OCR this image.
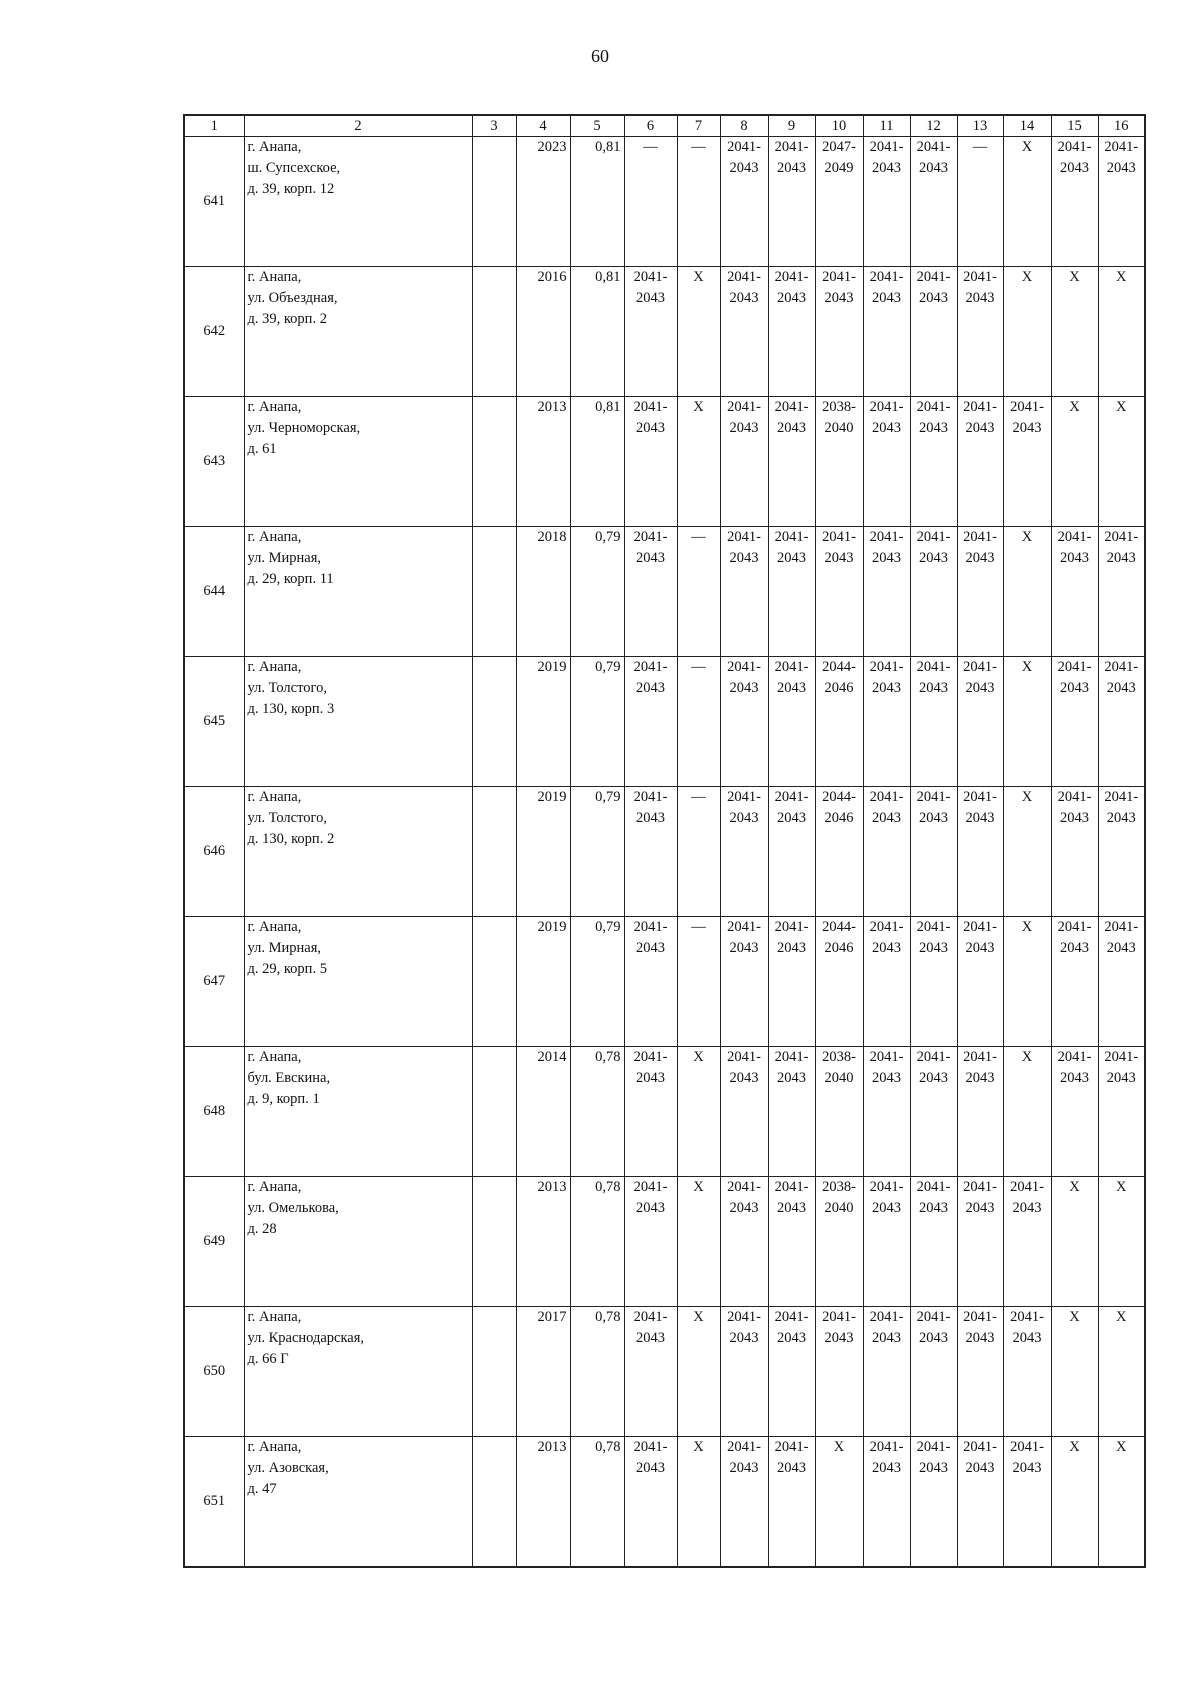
60
1	2	3	4	5	6	7	8	9	10	11	12	13	14	15	16

641	г. Анапа,
ш. Супсехское,
д. 39, корп. 12		2023	0,81	—	—	2041-
2043	2041-
2043	2047-
2049	2041-
2043	2041-
2043	—	X	2041-
2043	2041-
2043

642	г. Анапа,
ул. Объездная,
д. 39, корп. 2		2016	0,81	2041-
2043	X	2041-
2043	2041-
2043	2041-
2043	2041-
2043	2041-
2043	2041-
2043	X	X	X

643	г. Анапа,
ул. Черноморская,
д. 61		2013	0,81	2041-
2043	X	2041-
2043	2041-
2043	2038-
2040	2041-
2043	2041-
2043	2041-
2043	2041-
2043	X	X

644	г. Анапа,
ул. Мирная,
д. 29, корп. 11		2018	0,79	2041-
2043	—	2041-
2043	2041-
2043	2041-
2043	2041-
2043	2041-
2043	2041-
2043	X	2041-
2043	2041-
2043

645	г. Анапа,
ул. Толстого,
д. 130, корп. 3		2019	0,79	2041-
2043	—	2041-
2043	2041-
2043	2044-
2046	2041-
2043	2041-
2043	2041-
2043	X	2041-
2043	2041-
2043

646	г. Анапа,
ул. Толстого,
д. 130, корп. 2		2019	0,79	2041-
2043	—	2041-
2043	2041-
2043	2044-
2046	2041-
2043	2041-
2043	2041-
2043	X	2041-
2043	2041-
2043

647	г. Анапа,
ул. Мирная,
д. 29, корп. 5		2019	0,79	2041-
2043	—	2041-
2043	2041-
2043	2044-
2046	2041-
2043	2041-
2043	2041-
2043	X	2041-
2043	2041-
2043

648	г. Анапа,
бул. Евскина,
д. 9, корп. 1		2014	0,78	2041-
2043	X	2041-
2043	2041-
2043	2038-
2040	2041-
2043	2041-
2043	2041-
2043	X	2041-
2043	2041-
2043

649	г. Анапа,
ул. Омелькова,
д. 28		2013	0,78	2041-
2043	X	2041-
2043	2041-
2043	2038-
2040	2041-
2043	2041-
2043	2041-
2043	2041-
2043	X	X

650	г. Анапа,
ул. Краснодарская,
д. 66 Г		2017	0,78	2041-
2043	X	2041-
2043	2041-
2043	2041-
2043	2041-
2043	2041-
2043	2041-
2043	2041-
2043	X	X

651	г. Анапа,
ул. Азовская,
д. 47		2013	0,78	2041-
2043	X	2041-
2043	2041-
2043	X	2041-
2043	2041-
2043	2041-
2043	2041-
2043	X	X
